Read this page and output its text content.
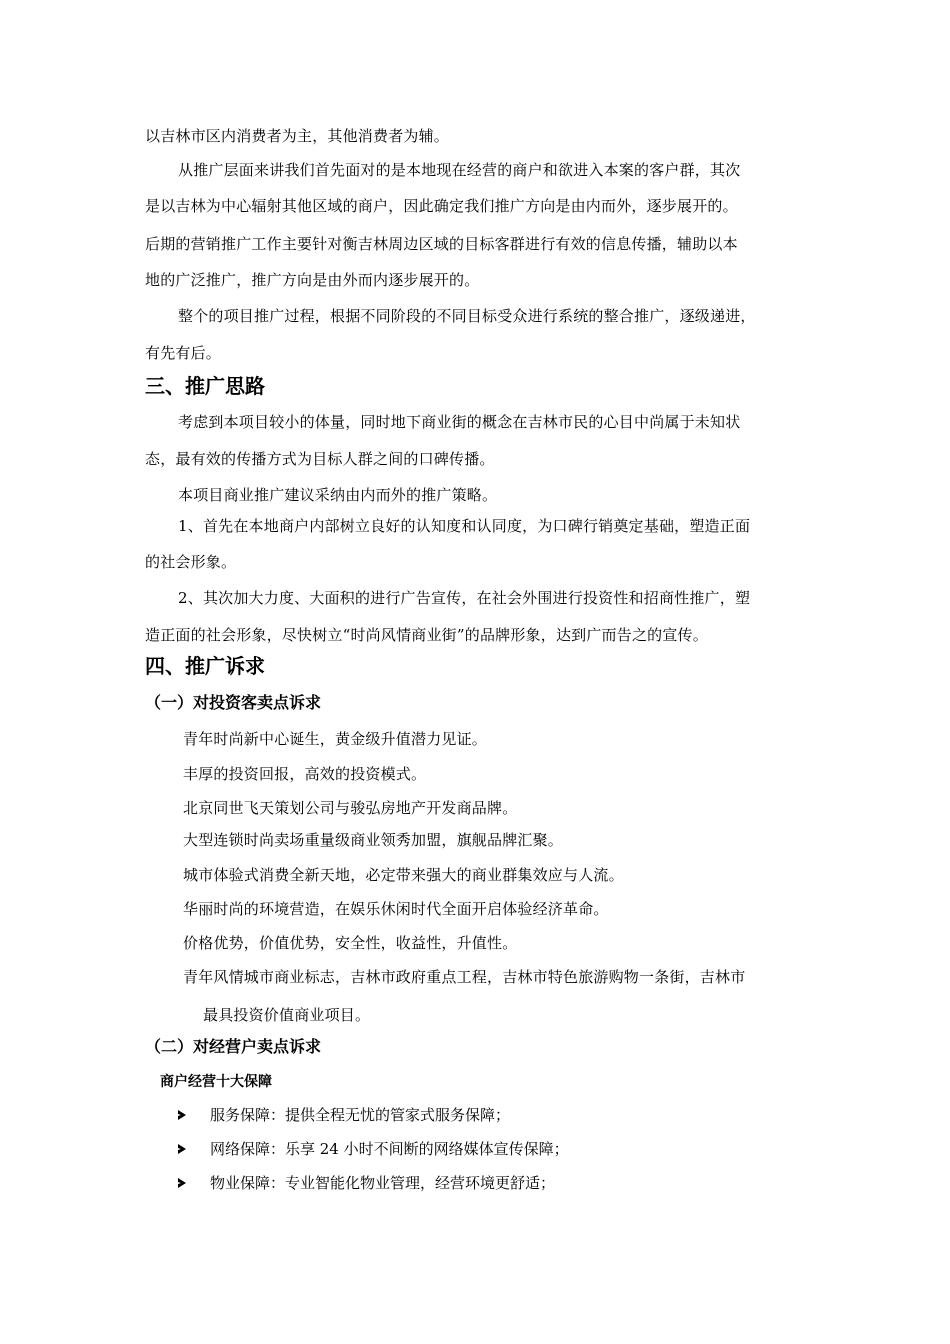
以吉林市区内消费者为主，其他消费者为辅。
从推广层面来讲我们首先面对的是本地现在经营的商户和欲进入本案的客户群，其次
是以吉林为中心辐射其他区域的商户，因此确定我们推广方向是由内而外，逐步展开的。
后期的营销推广工作主要针对衡吉林周边区域的目标客群进行有效的信息传播，辅助以本
地的广泛推广，推广方向是由外而内逐步展开的。
整个的项目推广过程，根据不同阶段的不同目标受众进行系统的整合推广，逐级递进，
有先有后。
三、推广思路
考虑到本项目较小的体量，同时地下商业街的概念在吉林市民的心目中尚属于未知状
态，最有效的传播方式为目标人群之间的口碑传播。
本项目商业推广建议采纳由内而外的推广策略。
1、首先在本地商户内部树立良好的认知度和认同度，为口碑行销奠定基础，塑造正面
的社会形象。
2、其次加大力度、大面积的进行广告宣传，在社会外围进行投资性和招商性推广，塑
造正面的社会形象，尽快树立“时尚风情商业街”的品牌形象，达到广而告之的宣传。
四、推广诉求
（一）对投资客卖点诉求
青年时尚新中心诞生，黄金级升值潜力见证。
丰厚的投资回报，高效的投资模式。
北京同世飞天策划公司与骏弘房地产开发商品牌。
大型连锁时尚卖场重量级商业领秀加盟，旗舰品牌汇聚。
城市体验式消费全新天地，必定带来强大的商业群集效应与人流。
华丽时尚的环境营造，在娱乐休闲时代全面开启体验经济革命。
价格优势，价值优势，安全性，收益性，升值性。
青年风情城市商业标志，吉林市政府重点工程，吉林市特色旅游购物一条街，吉林市
最具投资价值商业项目。
（二）对经营户卖点诉求
商户经营十大保障
服务保障：提供全程无忧的管家式服务保障；
网络保障：乐享 24 小时不间断的网络媒体宣传保障；
物业保障：专业智能化物业管理，经营环境更舒适；
